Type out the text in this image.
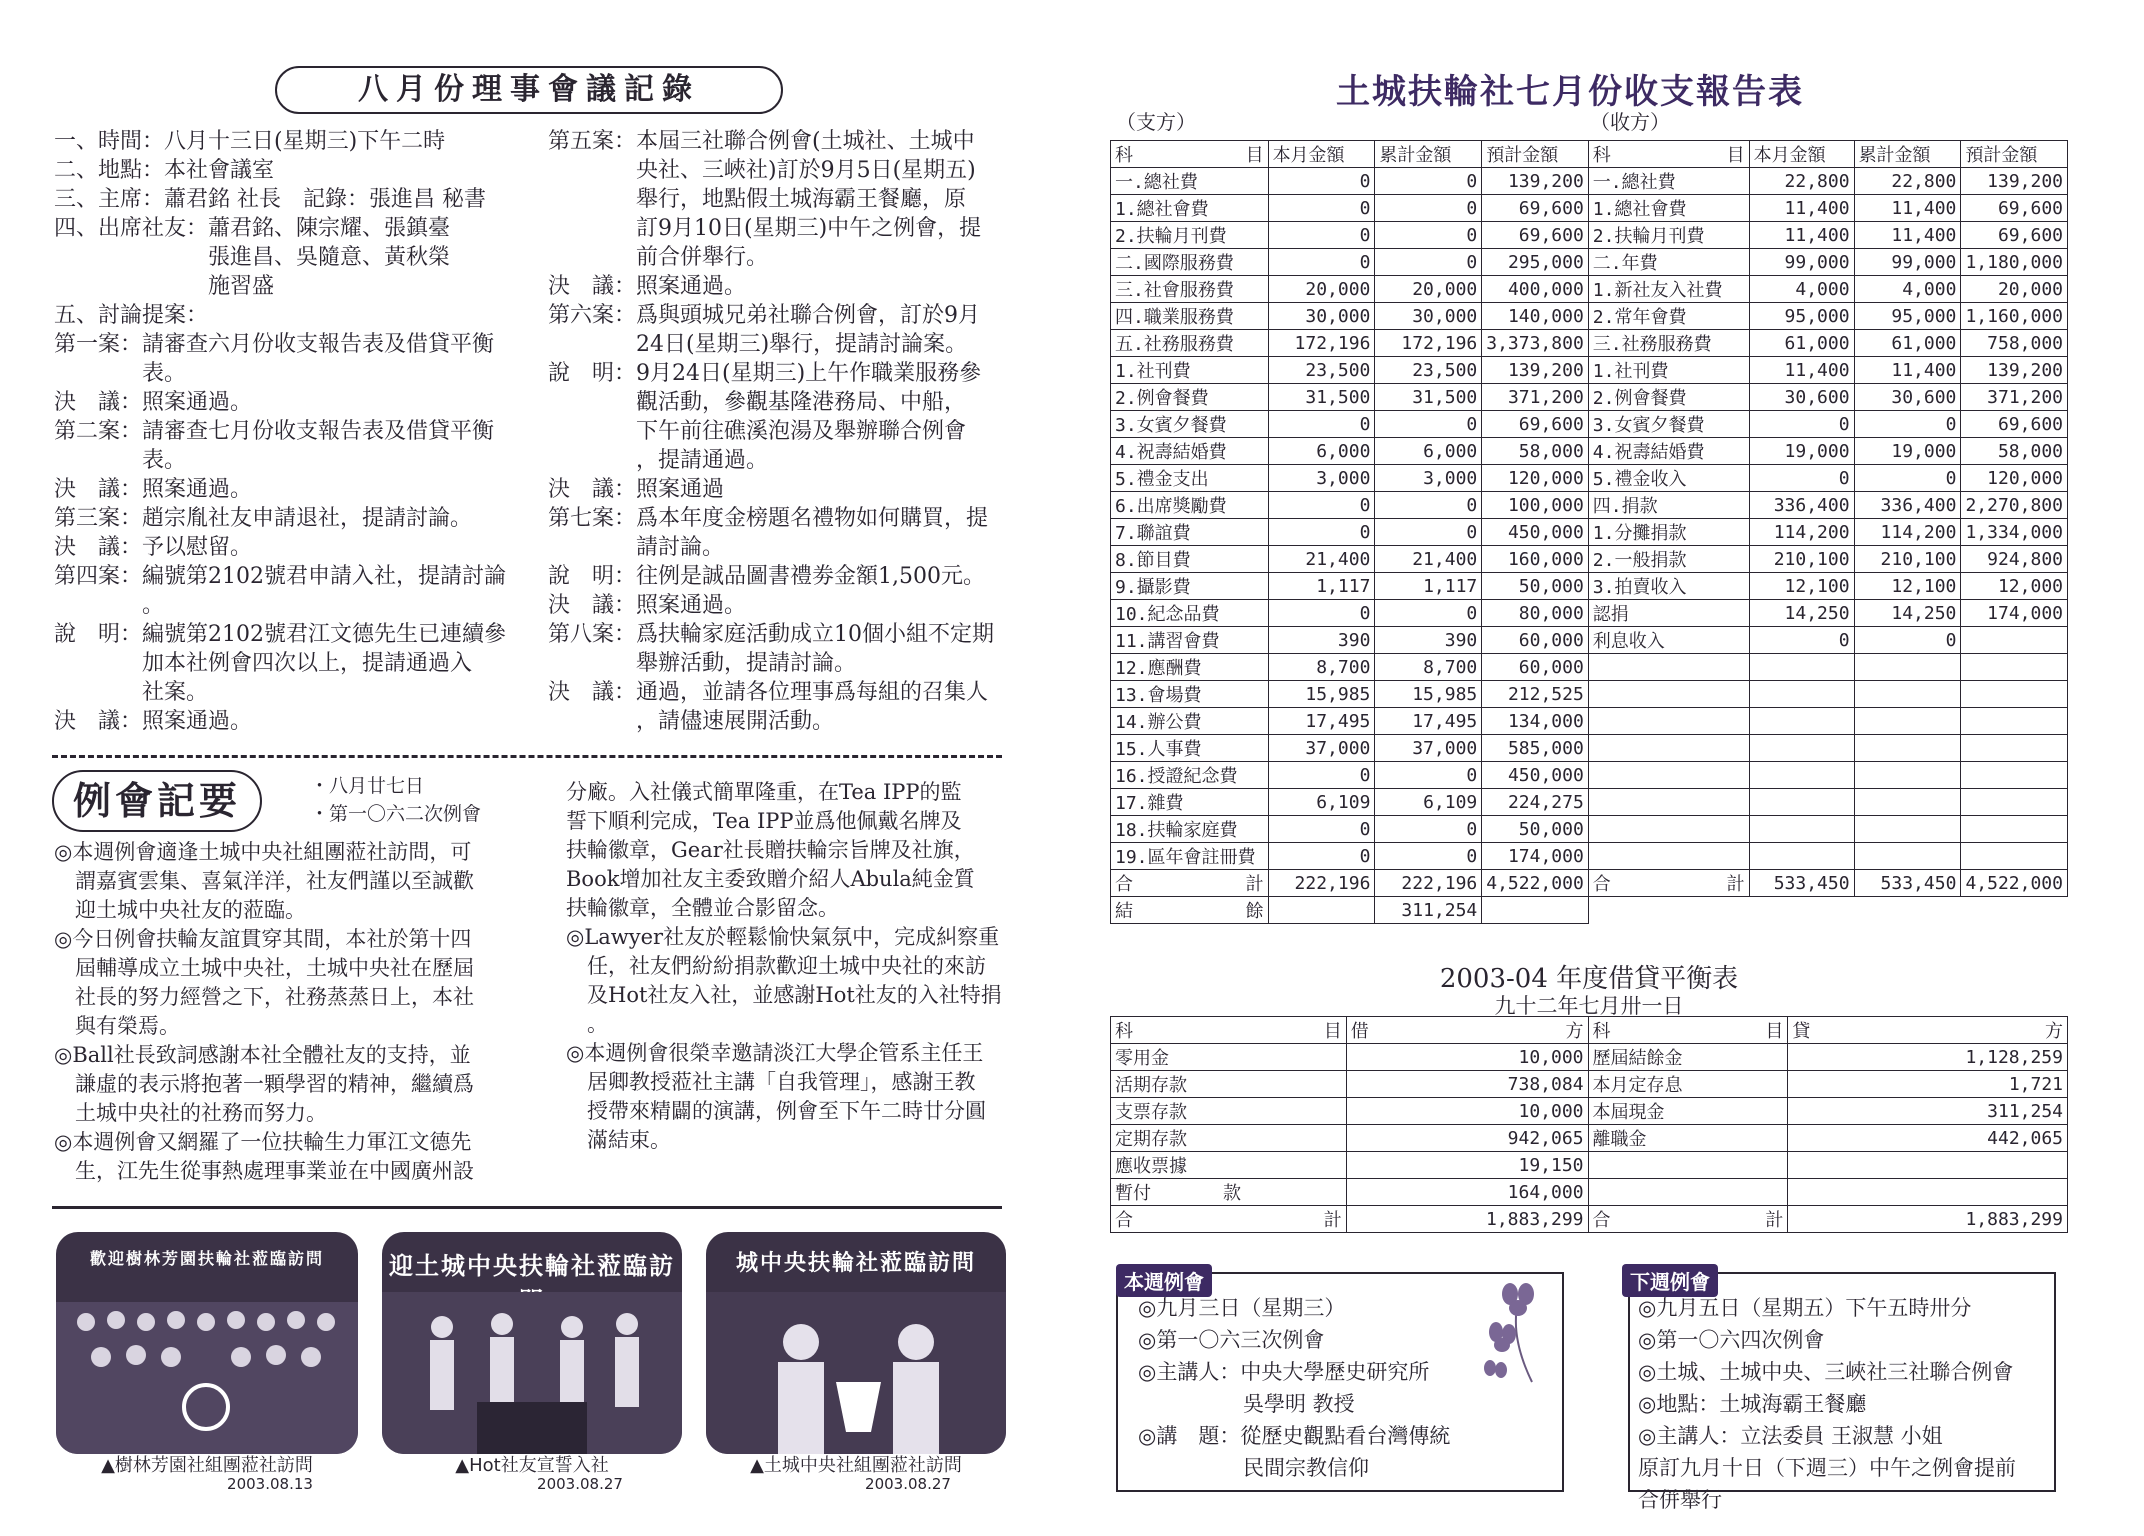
八月份理事會議記錄
一、時間： 八月十三日(星期三)下午二時
二、地點： 本社會議室
三、主席： 蕭君銘 社長　記錄：張進昌 秘書
四、出席社友： 蕭君銘、陳宗耀、張鎮臺
張進昌、吳隨意、黃秋榮
施習盛
五、討論提案：
第一案： 請審查六月份收支報告表及借貸平衡
表。
決　議： 照案通過。
第二案： 請審查七月份收支報告表及借貸平衡
表。
決　議： 照案通過。
第三案： 趙宗胤社友申請退社，提請討論。
決　議： 予以慰留。
第四案： 編號第2102號君申請入社，提請討論
。
說　明： 編號第2102號君江文德先生已連續參
加本社例會四次以上，提請通過入
社案。
決　議： 照案通過。
第五案： 本屆三社聯合例會(土城社、土城中
央社、三峽社)訂於9月5日(星期五)
舉行，地點假土城海霸王餐廳，原
訂9月10日(星期三)中午之例會，提
前合併舉行。
決　議： 照案通過。
第六案： 爲與頭城兄弟社聯合例會，訂於9月
24日(星期三)舉行，提請討論案。
說　明： 9月24日(星期三)上午作職業服務參
觀活動，參觀基隆港務局、中船，
下午前往礁溪泡湯及舉辦聯合例會
，提請通過。
決　議： 照案通過
第七案： 爲本年度金榜題名禮物如何購買，提
請討論。
說　明： 往例是誠品圖書禮劵金額1,500元。
決　議： 照案通過。
第八案： 爲扶輪家庭活動成立10個小組不定期
舉辦活動，提請討論。
決　議： 通過，並請各位理事爲每組的召集人
，請儘速展開活動。
例會記要	・八月廿七日
・第一〇六二次例會
◎本週例會適逢土城中央社組團蒞社訪問，可
　謂嘉賓雲集、喜氣洋洋，社友們謹以至誠歡
　迎土城中央社友的蒞臨。
◎今日例會扶輪友誼貫穿其間，本社於第十四
　屆輔導成立土城中央社，土城中央社在歷屆
　社長的努力經營之下，社務蒸蒸日上，本社
　與有榮焉。
◎Ball社長致詞感謝本社全體社友的支持，並
　謙虛的表示將抱著一顆學習的精神，繼續爲
　土城中央社的社務而努力。
◎本週例會又網羅了一位扶輪生力軍江文德先
　生，江先生從事熱處理事業並在中國廣州設
分廠。入社儀式簡單隆重，在Tea IPP的監
誓下順利完成，Tea IPP並爲他佩戴名牌及
扶輪徽章，Gear社長贈扶輪宗旨牌及社旗，
Book增加社友主委致贈介紹人Abula純金質
扶輪徽章，全體並合影留念。
◎Lawyer社友於輕鬆愉快氣氛中，完成糾察重
　任，社友們紛紛捐款歡迎土城中央社的來訪
　及Hot社友入社，並感謝Hot社友的入社特捐
　。
◎本週例會很榮幸邀請淡江大學企管系主任王
　居卿教授蒞社主講「自我管理」，感謝王教
　授帶來精闢的演講，例會至下午二時廿分圓
　滿結束。
歡迎樹林芳園扶輪社蒞臨訪問
▲樹林芳園社組團蒞社訪問
2003.08.13
迎土城中央扶輪社蒞臨訪
▲Hot社友宣誓入社
2003.08.27
城中央扶輪社蒞臨訪問
▲土城中央社組團蒞社訪問
2003.08.27
土城扶輪社七月份收支報告表
（支方）	（收方）
科 目	本月金額	累計金額	預計金額	科 目	本月金額	累計金額	預計金額
一.總社費	0	0	139,200	一.總社費	22,800	22,800	139,200
1.總社會費	0	0	69,600	1.總社會費	11,400	11,400	69,600
2.扶輪月刊費	0	0	69,600	2.扶輪月刊費	11,400	11,400	69,600
二.國際服務費	0	0	295,000	二.年費	99,000	99,000	1,180,000
三.社會服務費	20,000	20,000	400,000	1.新社友入社費	4,000	4,000	20,000
四.職業服務費	30,000	30,000	140,000	2.常年會費	95,000	95,000	1,160,000
五.社務服務費	172,196	172,196	3,373,800	三.社務服務費	61,000	61,000	758,000
1.社刊費	23,500	23,500	139,200	1.社刊費	11,400	11,400	139,200
2.例會餐費	31,500	31,500	371,200	2.例會餐費	30,600	30,600	371,200
3.女賓夕餐費	0	0	69,600	3.女賓夕餐費	0	0	69,600
4.祝壽結婚費	6,000	6,000	58,000	4.祝壽結婚費	19,000	19,000	58,000
5.禮金支出	3,000	3,000	120,000	5.禮金收入	0	0	120,000
6.出席獎勵費	0	0	100,000	四.捐款	336,400	336,400	2,270,800
7.聯誼費	0	0	450,000	1.分攤捐款	114,200	114,200	1,334,000
8.節目費	21,400	21,400	160,000	2.一般捐款	210,100	210,100	924,800
9.攝影費	1,117	1,117	50,000	3.拍賣收入	12,100	12,100	12,000
10.紀念品費	0	0	80,000	認捐	14,250	14,250	174,000
11.講習會費	390	390	60,000	利息收入	0	0	
12.應酬費	8,700	8,700	60,000				
13.會場費	15,985	15,985	212,525				
14.辦公費	17,495	17,495	134,000				
15.人事費	37,000	37,000	585,000				
16.授證紀念費	0	0	450,000				
17.雜費	6,109	6,109	224,275				
18.扶輪家庭費	0	0	50,000				
19.區年會註冊費	0	0	174,000				
合 計	222,196	222,196	4,522,000	合 計	533,450	533,450	4,522,000
結 餘		311,254					
2003-04 年度借貸平衡表
九十二年七月卅一日
科 目	借 方	科 目	貸 方

零用金	10,000	歷屆結餘金	1,128,259
活期存款	738,084	本月定存息	1,721
支票存款	10,000	本屆現金	311,254
定期存款	942,065	離職金	442,065
應收票據	19,150		
暫付　　　　款	164,000		
合 計	1,883,299	合 計	1,883,299
本週例會
◎九月三日（星期三）
◎第一〇六三次例會
◎主講人：中央大學歷史研究所
　　　　　吳學明 教授
◎講　題：從歷史觀點看台灣傳統
　　　　　民間宗教信仰
下週例會
◎九月五日（星期五）下午五時卅分
◎第一〇六四次例會
◎土城、土城中央、三峽社三社聯合例會
◎地點：土城海霸王餐廳
◎主講人：立法委員 王淑慧 小姐
原訂九月十日（下週三）中午之例會提前
合併舉行
